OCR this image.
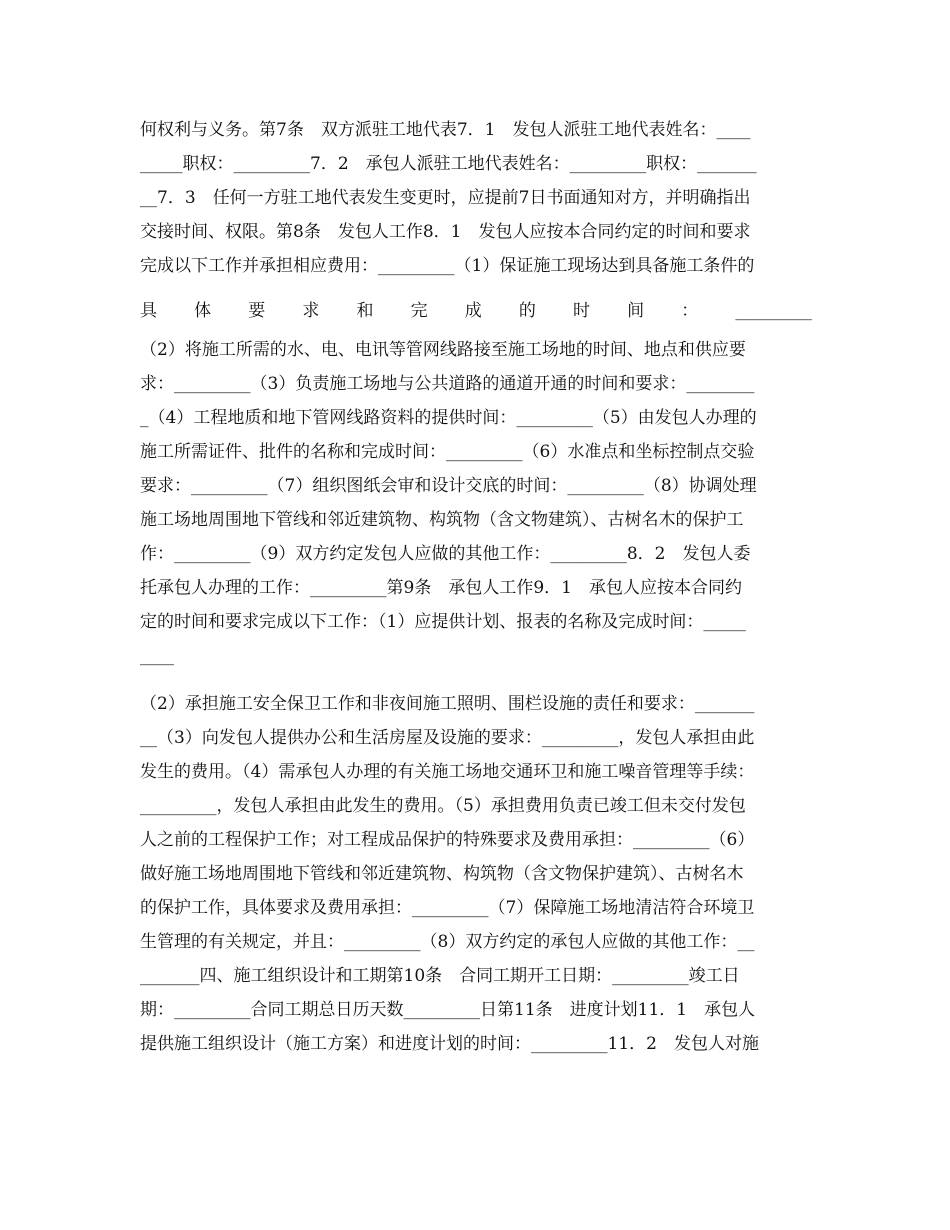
何权利与义务。第7条　双方派驻工地代表7．1　发包人派驻工地代表姓名：____
_____职权：_________7．2　承包人派驻工地代表姓名：_________职权：_______
__7．3　任何一方驻工地代表发生变更时，应提前7日书面通知对方，并明确指出
交接时间、权限。第8条　发包人工作8．1　发包人应按本合同约定的时间和要求
完成以下工作并承担相应费用：_________（1）保证施工现场达到具备施工条件的
具 体 要 求 和 完 成 的 时 间 ： _________
（2）将施工所需的水、电、电讯等管网线路接至施工场地的时间、地点和供应要
求：_________（3）负责施工场地与公共道路的通道开通的时间和要求：________
_（4）工程地质和地下管网线路资料的提供时间：_________（5）由发包人办理的
施工所需证件、批件的名称和完成时间：_________（6）水准点和坐标控制点交验
要求：_________（7）组织图纸会审和设计交底的时间：_________（8）协调处理
施工场地周围地下管线和邻近建筑物、构筑物（含文物建筑）、古树名木的保护工
作：_________（9）双方约定发包人应做的其他工作：_________8．2　发包人委
托承包人办理的工作：_________第9条　承包人工作9．1　承包人应按本合同约
定的时间和要求完成以下工作：（1）应提供计划、报表的名称及完成时间：_____
____
（2）承担施工安全保卫工作和非夜间施工照明、围栏设施的责任和要求：_______
__（3）向发包人提供办公和生活房屋及设施的要求：_________，发包人承担由此
发生的费用。（4）需承包人办理的有关施工场地交通环卫和施工噪音管理等手续：
_________，发包人承担由此发生的费用。（5）承担费用负责已竣工但未交付发包
人之前的工程保护工作；对工程成品保护的特殊要求及费用承担：_________（6）
做好施工场地周围地下管线和邻近建筑物、构筑物（含文物保护建筑）、古树名木
的保护工作，具体要求及费用承担：_________（7）保障施工场地清洁符合环境卫
生管理的有关规定，并且：_________（8）双方约定的承包人应做的其他工作：__
_______四、施工组织设计和工期第10条　合同工期开工日期：_________竣工日
期：_________合同工期总日历天数_________日第11条　进度计划11．1　承包人
提供施工组织设计（施工方案）和进度计划的时间：_________11．2　发包人对施
